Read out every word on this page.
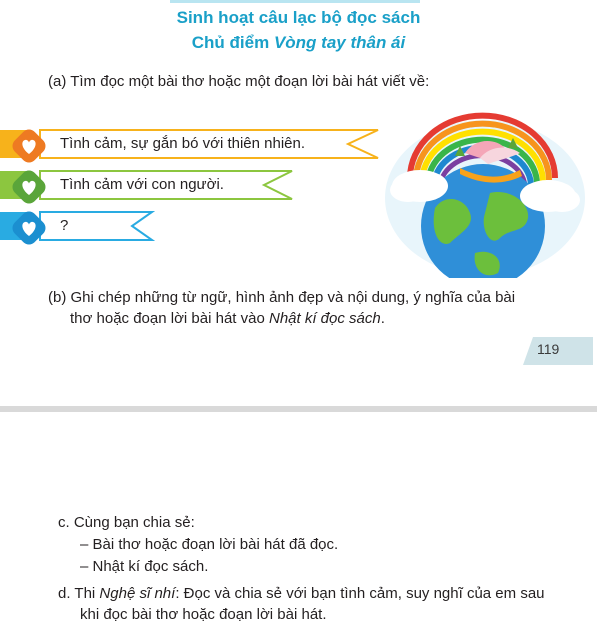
Sinh hoạt câu lạc bộ đọc sách
Chủ điểm Vòng tay thân ái
(a) Tìm đọc một bài thơ hoặc một đoạn lời bài hát viết về:
Tình cảm, sự gắn bó với thiên nhiên.
Tình cảm với con người.
?
(b) Ghi chép những từ ngữ, hình ảnh đẹp và nội dung, ý nghĩa của bài
thơ hoặc đoạn lời bài hát vào Nhật kí đọc sách.
119
c. Cùng bạn chia sẻ:
– Bài thơ hoặc đoạn lời bài hát đã đọc.
– Nhật kí đọc sách.
d. Thi Nghệ sĩ nhí: Đọc và chia sẻ với bạn tình cảm, suy nghĩ của em sau
khi đọc bài thơ hoặc đoạn lời bài hát.
